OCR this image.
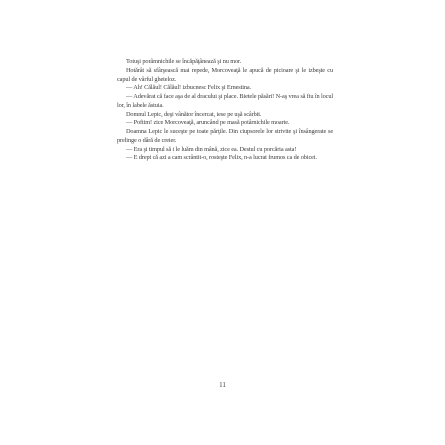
Totuşi porâmnichile se încăpăţânează şi nu mor.

Hotărât să sfârşească mai repede, Morcoveaţă le apucă de picioare şi le izbeşte cu capul de vârful gheteloz.

— Ah! Călăul! Călăul! izbucnesc Felix şi Ernestina.

— Adevărat că face aşa de al dracului şi place. Bietele păsări! N-aş vrea să fiu în locul lor, în labele ăstuia.

Domnul Lepic, deşi vânător încercat, iese pe uşă scârbit.

— Poftim! zice Morcoveaţă, aruncând pe masă potârnichile moarte.

Doamna Lepic le suceşte pe toate părţile. Din ciupsorele lor strivite şi însângerate se prelinge o dâră de creier.

— Era şi timpul să i le luăm din mână, zice ea. Destul cu porcăria asta!

— E drept că azi a cam scrântit-o, rosteşte Felix, n-a lucrat frumos ca de obicei.

11
